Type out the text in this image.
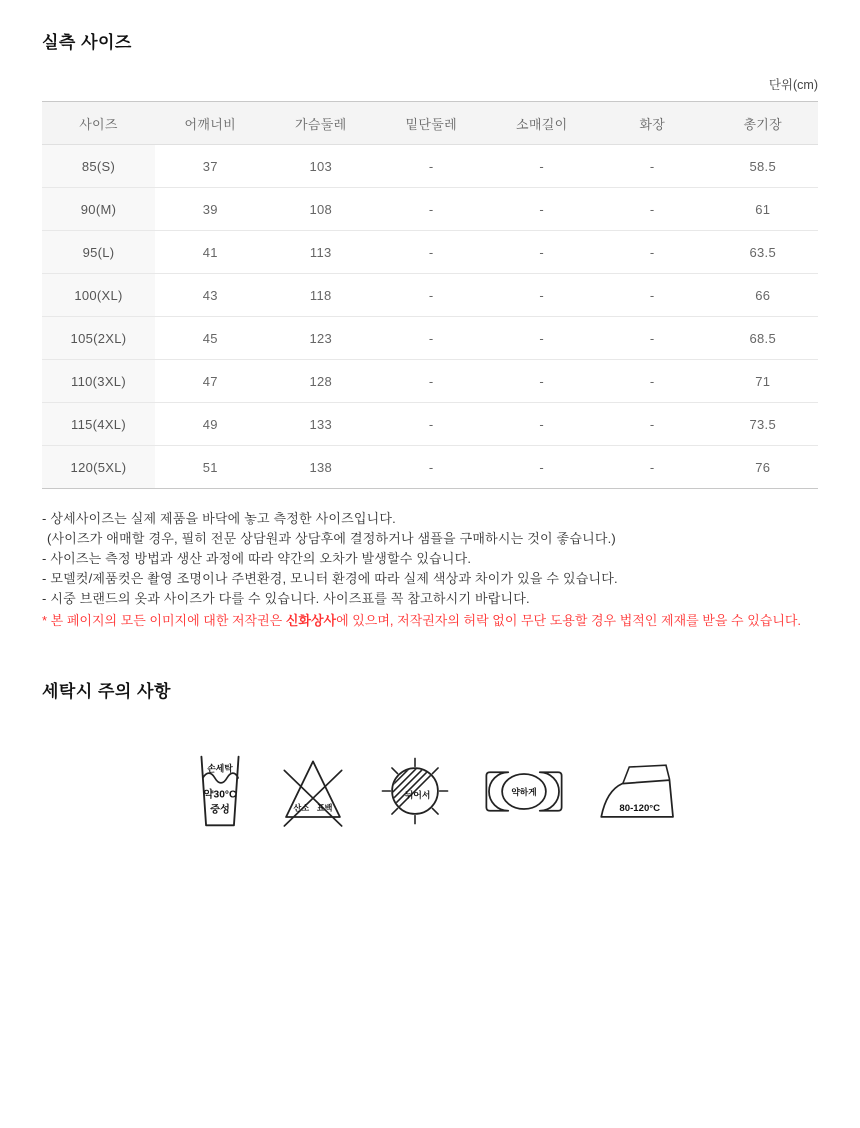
실측 사이즈
단위(cm)
사이즈	어깨너비	가슴둘레	밑단둘레	소매길이	화장	총기장
85(S)	37	103	-	-	-	58.5
90(M)	39	108	-	-	-	61
95(L)	41	113	-	-	-	63.5
100(XL)	43	118	-	-	-	66
105(2XL)	45	123	-	-	-	68.5
110(3XL)	47	128	-	-	-	71
115(4XL)	49	133	-	-	-	73.5
120(5XL)	51	138	-	-	-	76
- 상세사이즈는 실제 제품을 바닥에 놓고 측정한 사이즈입니다.
(사이즈가 애매할 경우, 필히 전문 상담원과 상담후에 결정하거나 샘플을 구매하시는 것이 좋습니다.)
- 사이즈는 측정 방법과 생산 과정에 따라 약간의 오차가 발생할수 있습니다.
- 모델컷/제품컷은 촬영 조명이나 주변환경, 모니터 환경에 따라 실제 색상과 차이가 있을 수 있습니다.
- 시중 브랜드의 옷과 사이즈가 다를 수 있습니다. 사이즈표를 꼭 참고하시기 바랍니다.
* 본 페이지의 모든 이미지에 대한 저작권은 신화상사에 있으며, 저작권자의 허락 없이 무단 도용할 경우 법적인 제재를 받을 수 있습니다.
세탁시 주의 사항
손세탁
약30°C
중성	산소 표백
뉘어서	약하게
80-120°C
